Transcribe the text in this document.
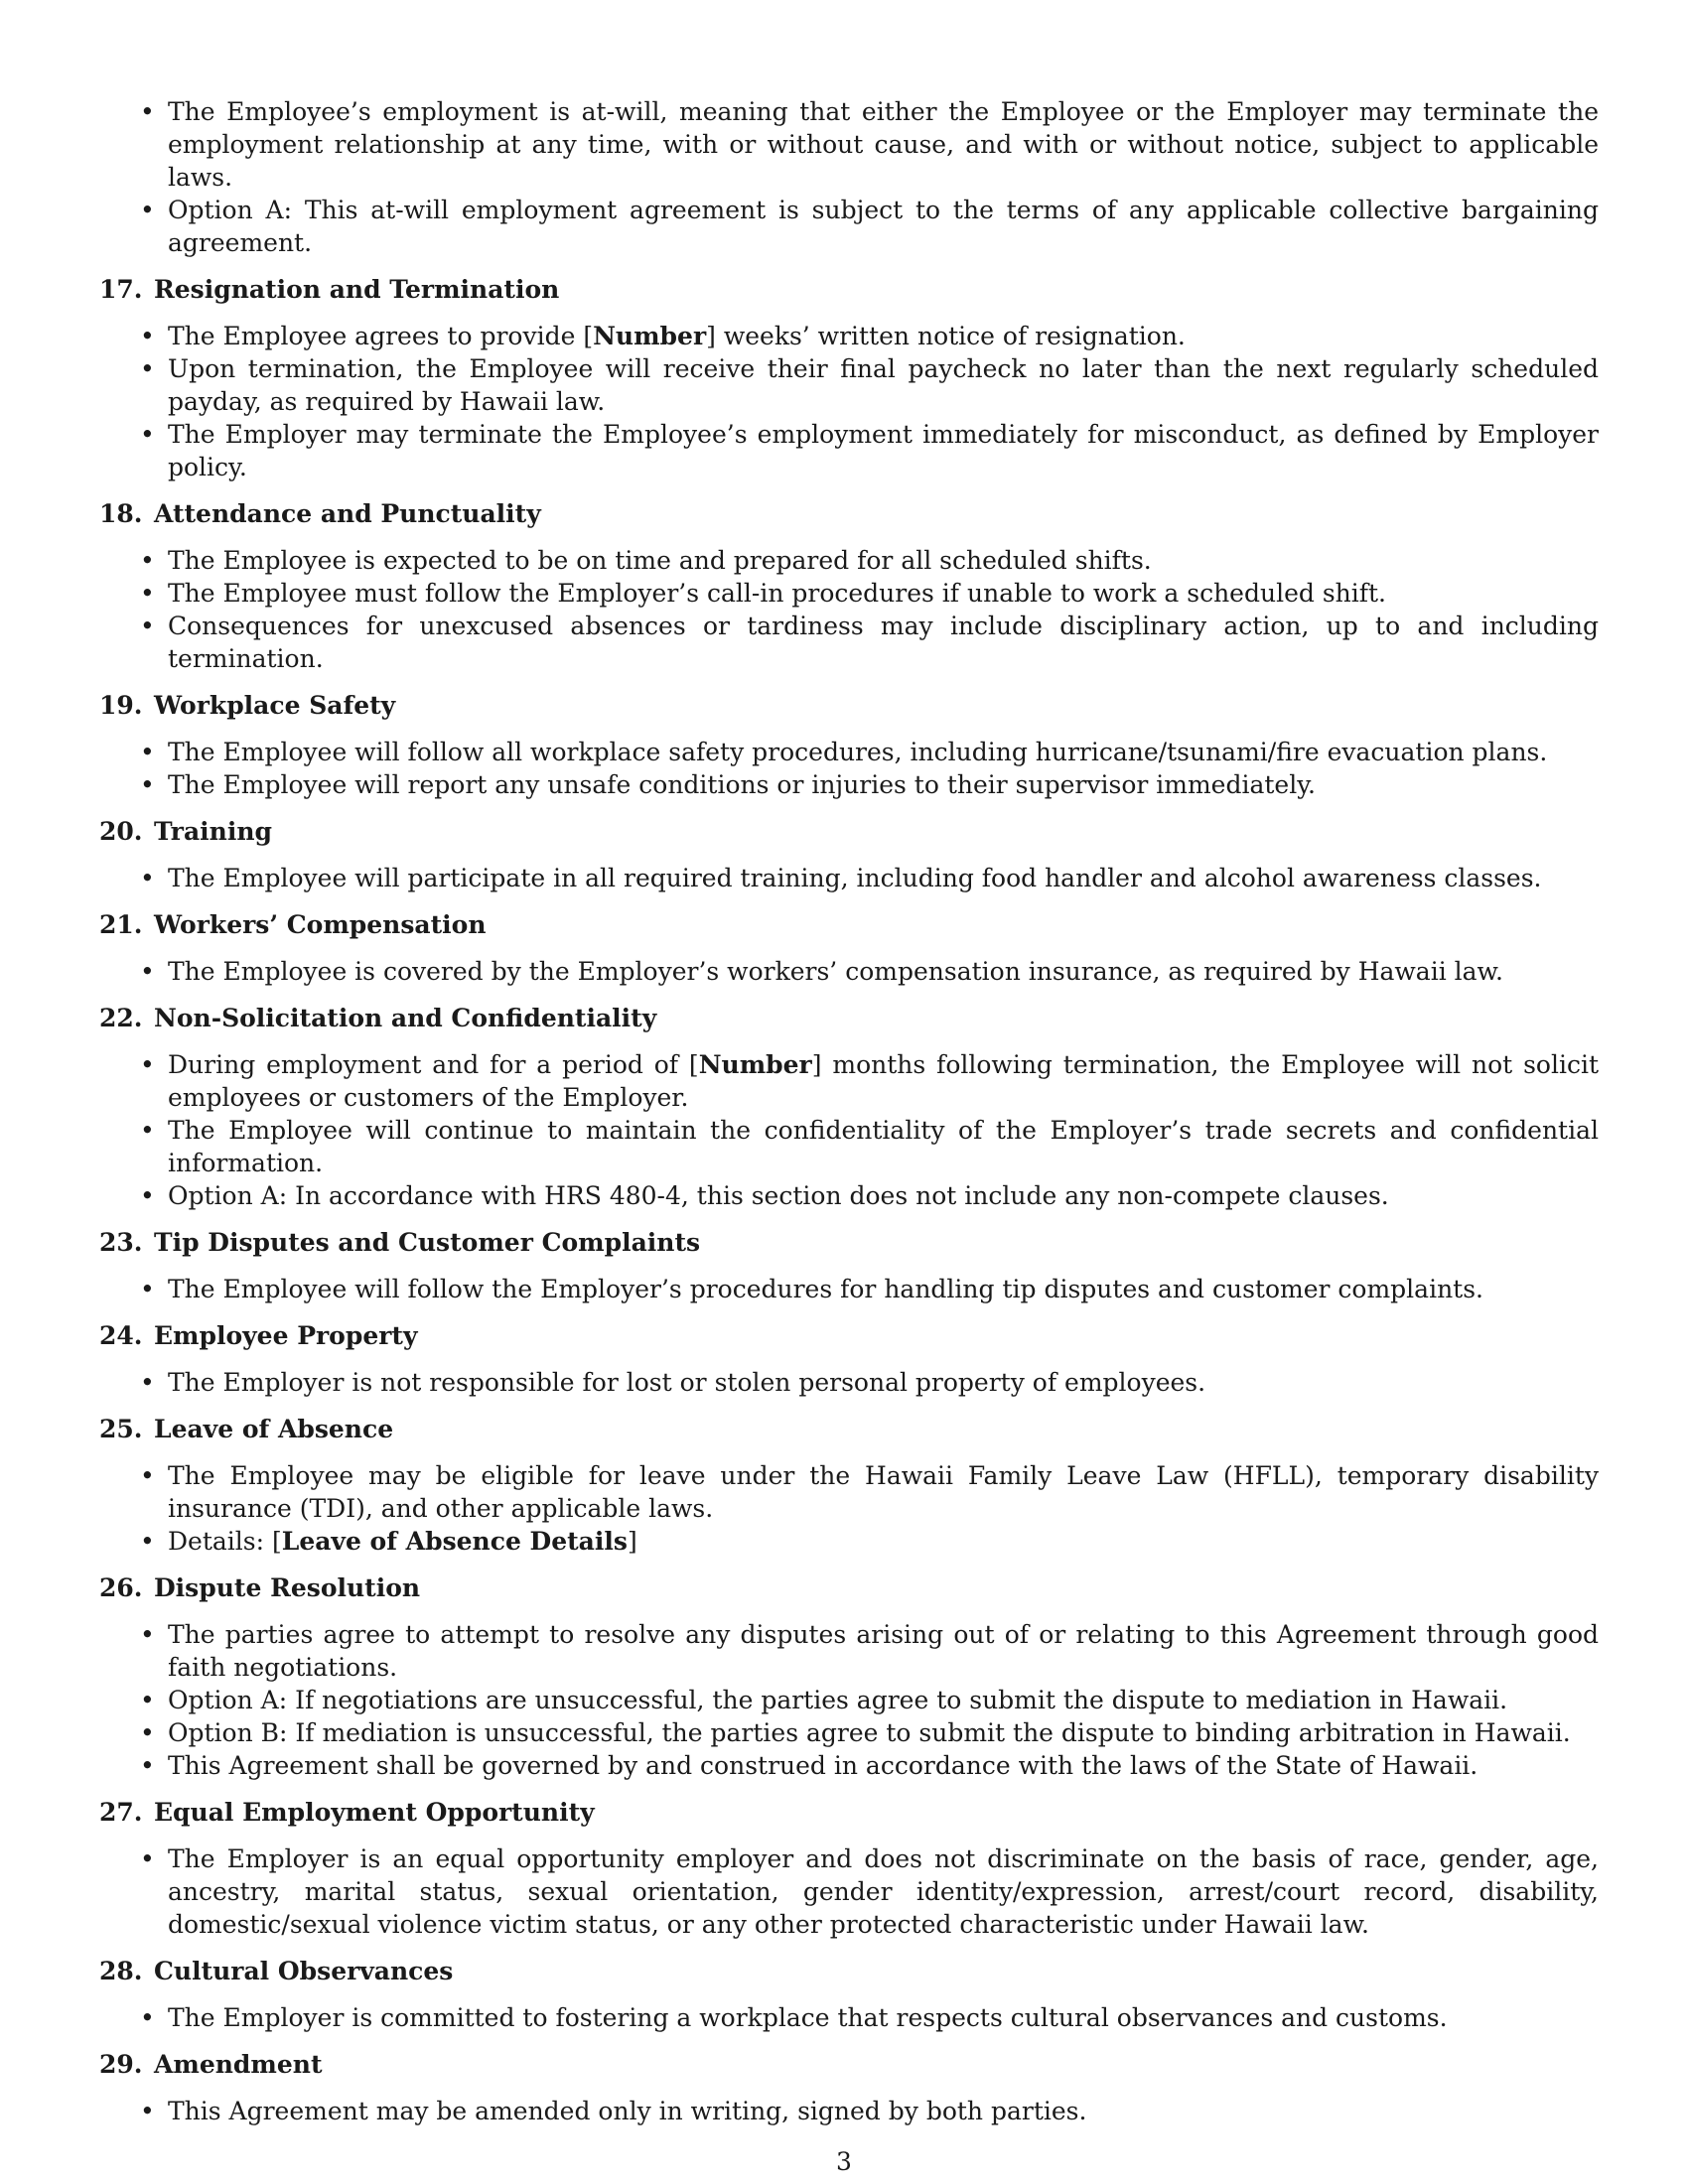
• The Employee’s employment is at-will, meaning that either the Employee or the Employer may terminate the employment relationship at any time, with or without cause, and with or without notice, subject to applicable laws.
• Option A: This at-will employment agreement is subject to the terms of any applicable collective bargaining agreement.
17. Resignation and Termination
• The Employee agrees to provide [Number] weeks’ written notice of resignation.
• Upon termination, the Employee will receive their final paycheck no later than the next regularly scheduled payday, as required by Hawaii law.
• The Employer may terminate the Employee’s employment immediately for misconduct, as defined by Employer policy.
18. Attendance and Punctuality
• The Employee is expected to be on time and prepared for all scheduled shifts.
• The Employee must follow the Employer’s call-in procedures if unable to work a scheduled shift.
• Consequences for unexcused absences or tardiness may include disciplinary action, up to and including termination.
19. Workplace Safety
• The Employee will follow all workplace safety procedures, including hurricane/tsunami/fire evacuation plans.
• The Employee will report any unsafe conditions or injuries to their supervisor immediately.
20. Training
• The Employee will participate in all required training, including food handler and alcohol awareness classes.
21. Workers’ Compensation
• The Employee is covered by the Employer’s workers’ compensation insurance, as required by Hawaii law.
22. Non-Solicitation and Confidentiality
• During employment and for a period of [Number] months following termination, the Employee will not solicit employees or customers of the Employer.
• The Employee will continue to maintain the confidentiality of the Employer’s trade secrets and confidential information.
• Option A: In accordance with HRS 480-4, this section does not include any non-compete clauses.
23. Tip Disputes and Customer Complaints
• The Employee will follow the Employer’s procedures for handling tip disputes and customer complaints.
24. Employee Property
• The Employer is not responsible for lost or stolen personal property of employees.
25. Leave of Absence
• The Employee may be eligible for leave under the Hawaii Family Leave Law (HFLL), temporary disability insurance (TDI), and other applicable laws.
• Details: [Leave of Absence Details]
26. Dispute Resolution
• The parties agree to attempt to resolve any disputes arising out of or relating to this Agreement through good faith negotiations.
• Option A: If negotiations are unsuccessful, the parties agree to submit the dispute to mediation in Hawaii.
• Option B: If mediation is unsuccessful, the parties agree to submit the dispute to binding arbitration in Hawaii.
• This Agreement shall be governed by and construed in accordance with the laws of the State of Hawaii.
27. Equal Employment Opportunity
• The Employer is an equal opportunity employer and does not discriminate on the basis of race, gender, age, ancestry, marital status, sexual orientation, gender identity/expression, arrest/court record, disability, domestic/sexual violence victim status, or any other protected characteristic under Hawaii law.
28. Cultural Observances
• The Employer is committed to fostering a workplace that respects cultural observances and customs.
29. Amendment
• This Agreement may be amended only in writing, signed by both parties.
3
